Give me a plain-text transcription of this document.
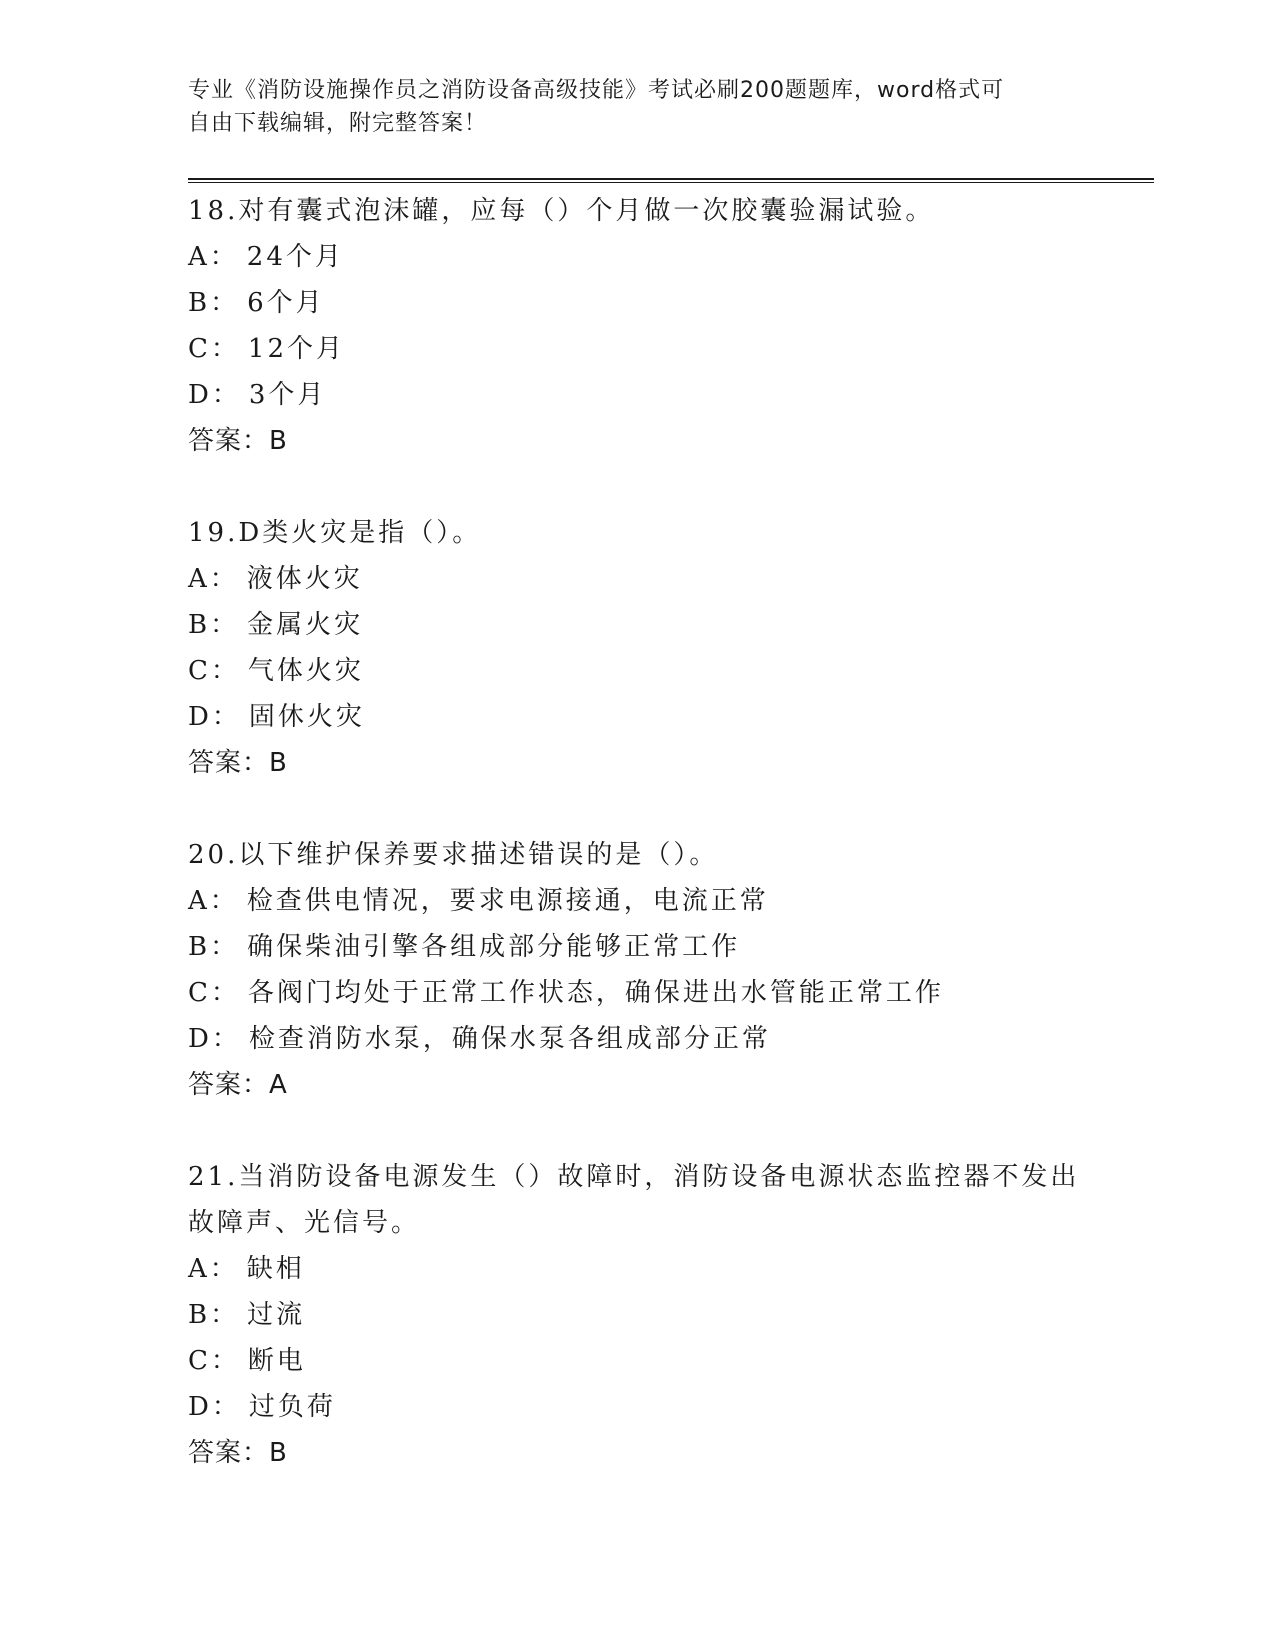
专业《消防设施操作员之消防设备高级技能》考试必刷200题题库，word格式可
自由下载编辑，附完整答案！
18.对有囊式泡沫罐，应每（）个月做一次胶囊验漏试验。
A： 24个月
B： 6个月
C： 12个月
D： 3个月
答案：B
19.D类火灾是指（）。
A： 液体火灾
B： 金属火灾
C： 气体火灾
D： 固休火灾
答案：B
20.以下维护保养要求描述错误的是（）。
A： 检查供电情况，要求电源接通，电流正常
B： 确保柴油引擎各组成部分能够正常工作
C： 各阀门均处于正常工作状态，确保进出水管能正常工作
D： 检查消防水泵，确保水泵各组成部分正常
答案：A
21.当消防设备电源发生（）故障时，消防设备电源状态监控器不发出故障声、光信号。
A： 缺相
B： 过流
C： 断电
D： 过负荷
答案：B
